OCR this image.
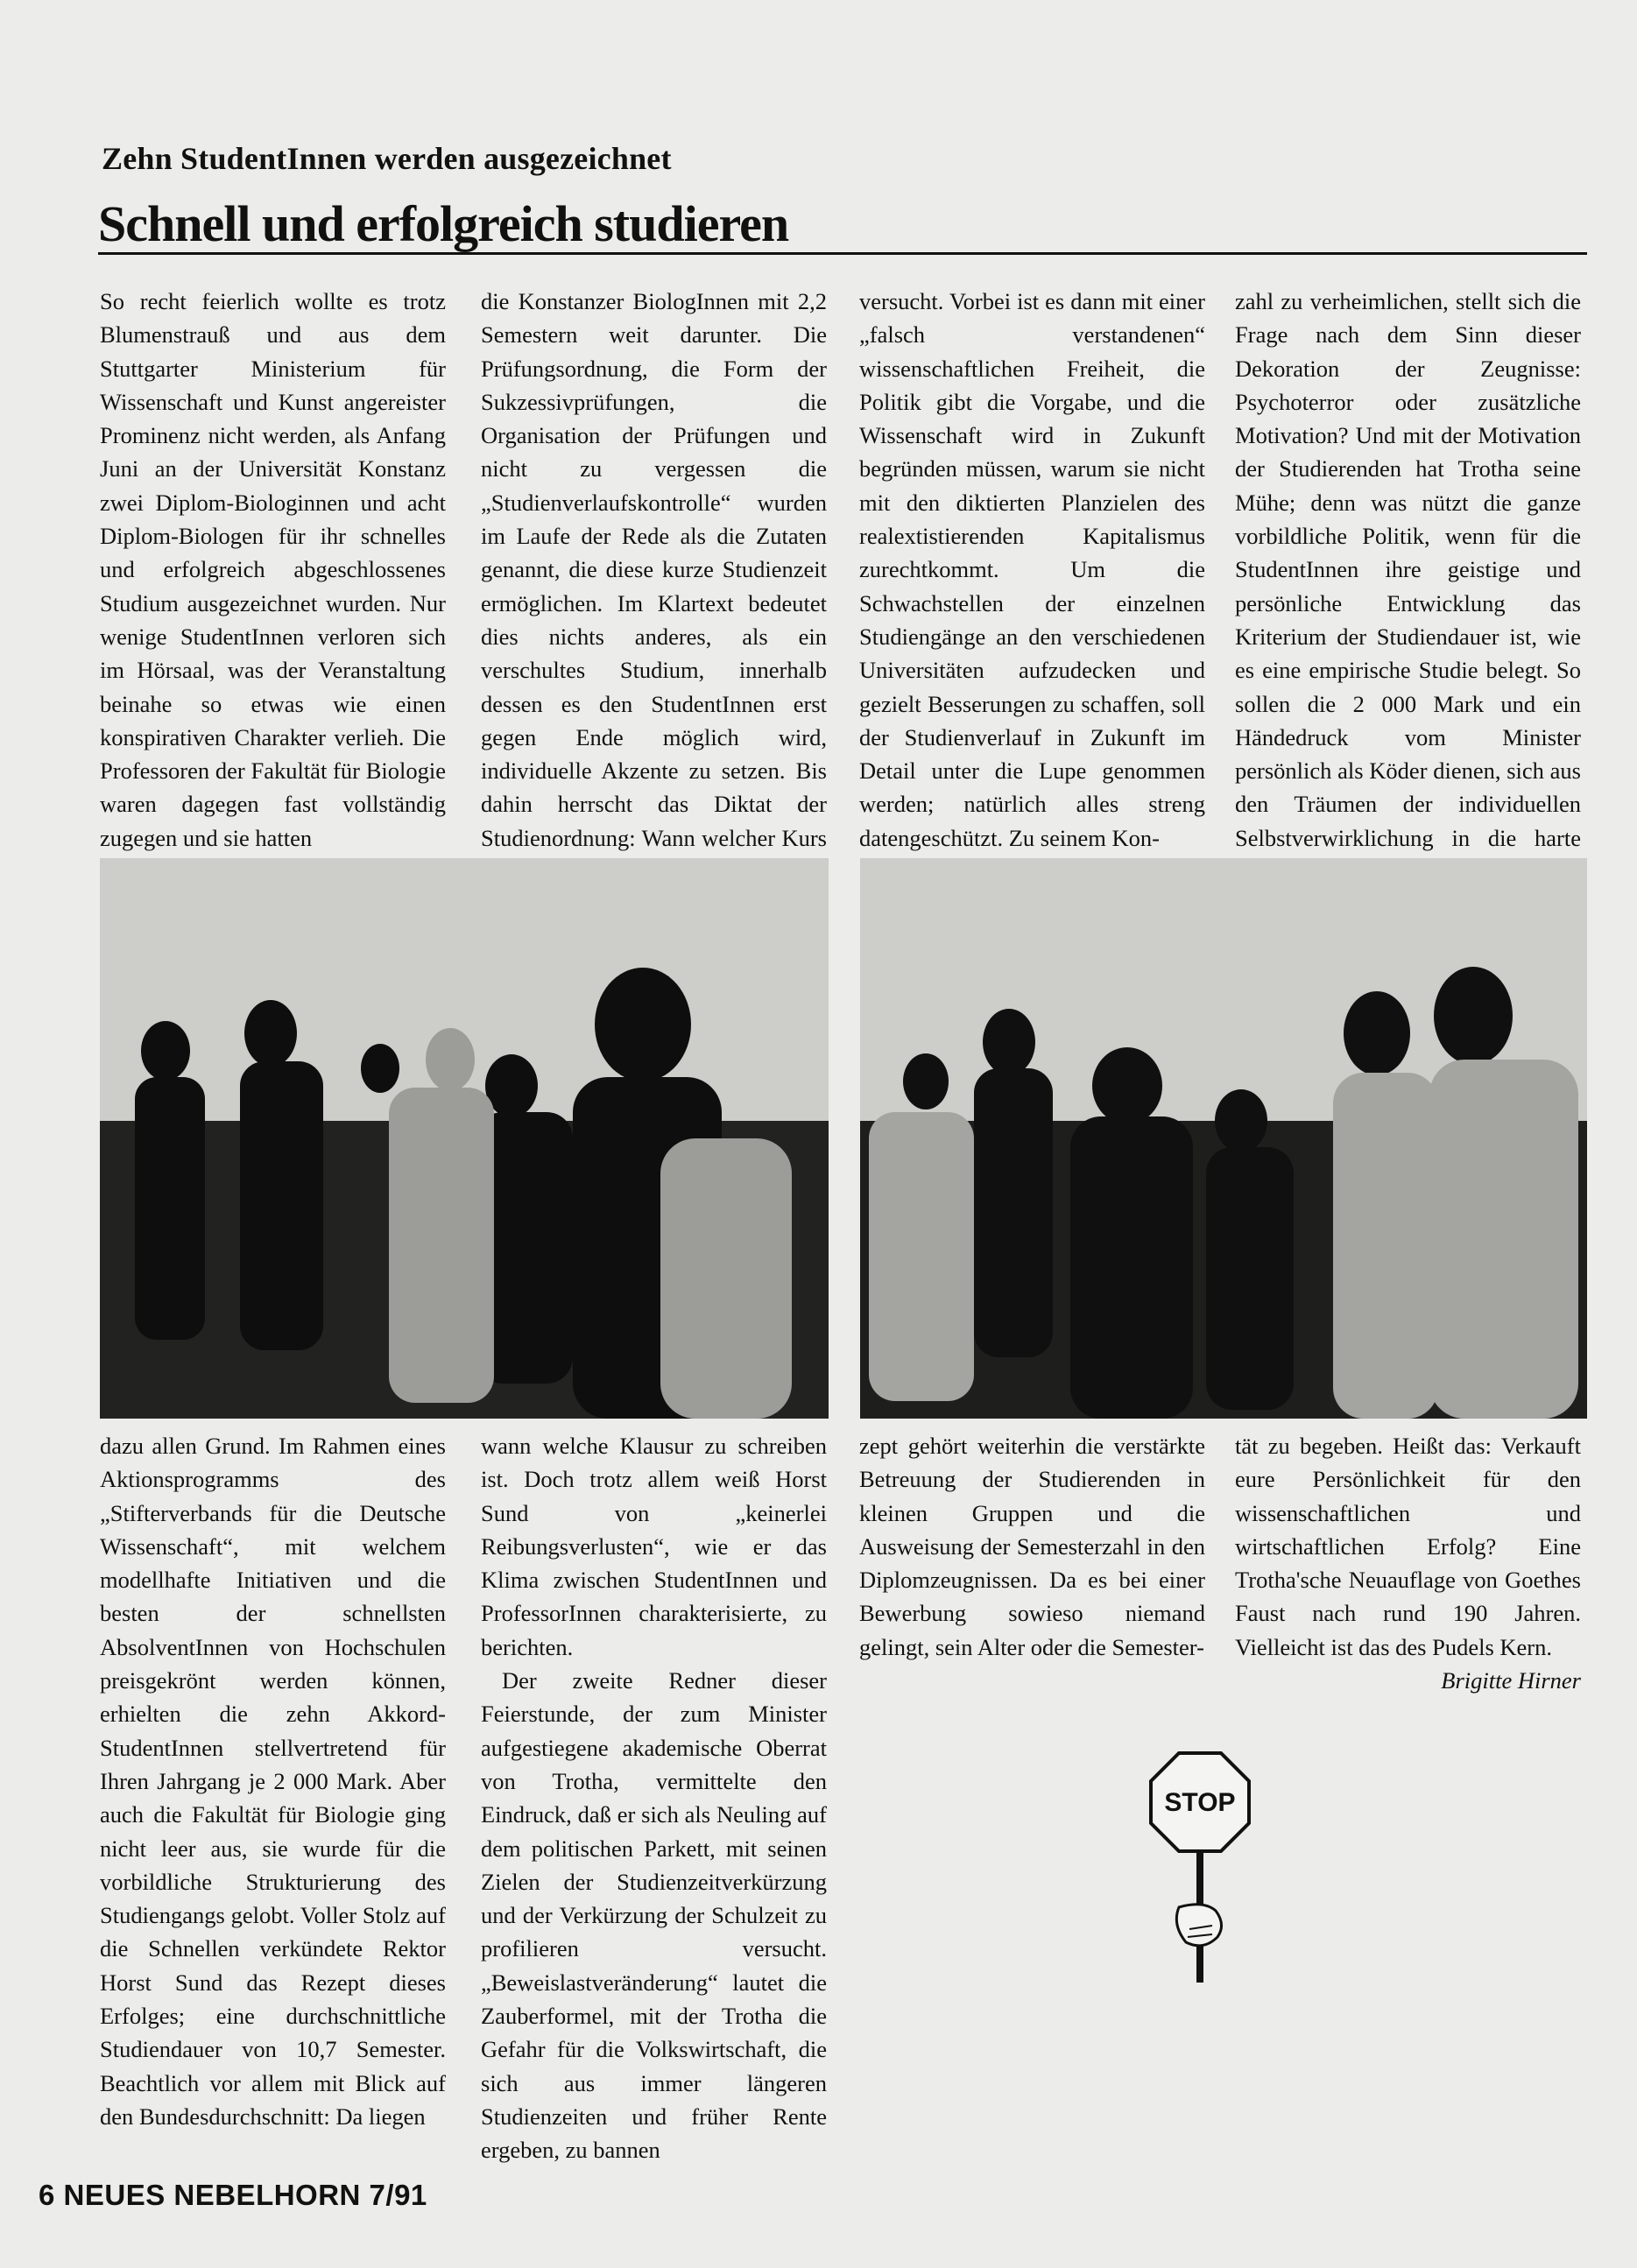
Zehn StudentInnen werden ausgezeichnet
Schnell und erfolgreich studieren

So recht feierlich wollte es trotz Blumenstrauß und aus dem Stuttgarter Ministerium für Wissenschaft und Kunst angereister Prominenz nicht werden, als Anfang Juni an der Universität Konstanz zwei Diplom-Biologinnen und acht Diplom-Biologen für ihr schnelles und erfolgreich abgeschlossenes Studium ausgezeichnet wurden. Nur wenige StudentInnen verloren sich im Hörsaal, was der Veranstaltung beinahe so etwas wie einen konspirativen Charakter verlieh. Die Professoren der Fakultät für Biologie waren dagegen fast vollständig zugegen und sie hatten

die Konstanzer BiologInnen mit 2,2 Semestern weit darunter. Die Prüfungsordnung, die Form der Sukzessivprüfungen, die Organisation der Prüfungen und nicht zu vergessen die „Studienverlaufskontrolle“ wurden im Laufe der Rede als die Zutaten genannt, die diese kurze Studienzeit ermöglichen. Im Klartext bedeutet dies nichts anderes, als ein verschultes Studium, innerhalb dessen es den StudentInnen erst gegen Ende möglich wird, individuelle Akzente zu setzen. Bis dahin herrscht das Diktat der Studienordnung: Wann welcher Kurs

versucht. Vorbei ist es dann mit einer „falsch verstandenen“ wissenschaftlichen Freiheit, die Politik gibt die Vorgabe, und die Wissenschaft wird in Zukunft begründen müssen, warum sie nicht mit den diktierten Planzielen des realextistierenden Kapitalismus zurechtkommt. Um die Schwachstellen der einzelnen Studiengänge an den verschiedenen Universitäten aufzudecken und gezielt Besserungen zu schaffen, soll der Studienverlauf in Zukunft im Detail unter die Lupe genommen werden; natürlich alles streng datengeschützt. Zu seinem Kon-

zahl zu verheimlichen, stellt sich die Frage nach dem Sinn dieser Dekoration der Zeugnisse: Psychoterror oder zusätzliche Motivation? Und mit der Motivation der Studierenden hat Trotha seine Mühe; denn was nützt die ganze vorbildliche Politik, wenn für die StudentInnen ihre geistige und persönliche Entwicklung das Kriterium der Studiendauer ist, wie es eine empirische Studie belegt. So sollen die 2 000 Mark und ein Händedruck vom Minister persönlich als Köder dienen, sich aus den Träumen der individuellen Selbstverwirklichung in die harte

dazu allen Grund. Im Rahmen eines Aktionsprogramms des „Stifterverbands für die Deutsche Wissenschaft“, mit welchem modellhafte Initiativen und die besten der schnellsten AbsolventInnen von Hochschulen preisgekrönt werden können, erhielten die zehn Akkord-StudentInnen stellvertretend für Ihren Jahrgang je 2 000 Mark. Aber auch die Fakultät für Biologie ging nicht leer aus, sie wurde für die vorbildliche Strukturierung des Studiengangs gelobt. Voller Stolz auf die Schnellen verkündete Rektor Horst Sund das Rezept dieses Erfolges; eine durchschnittliche Studiendauer von 10,7 Semester. Beachtlich vor allem mit Blick auf den Bundesdurchschnitt: Da liegen

wann welche Klausur zu schreiben ist. Doch trotz allem weiß Horst Sund von „keinerlei Reibungsverlusten“, wie er das Klima zwischen StudentInnen und ProfessorInnen charakterisierte, zu berichten.

Der zweite Redner dieser Feierstunde, der zum Minister aufgestiegene akademische Oberrat von Trotha, vermittelte den Eindruck, daß er sich als Neuling auf dem politischen Parkett, mit seinen Zielen der Studienzeitverkürzung und der Verkürzung der Schulzeit zu profilieren versucht. „Beweislastveränderung“ lautet die Zauberformel, mit der Trotha die Gefahr für die Volkswirtschaft, die sich aus immer längeren Studienzeiten und früher Rente ergeben, zu bannen

zept gehört weiterhin die verstärkte Betreuung der Studierenden in kleinen Gruppen und die Ausweisung der Semesterzahl in den Diplomzeugnissen. Da es bei einer Bewerbung sowieso niemand gelingt, sein Alter oder die Semester-

tät zu begeben. Heißt das: Verkauft eure Persönlichkeit für den wissenschaftlichen und wirtschaftlichen Erfolg? Eine Trotha'sche Neuauflage von Goethes Faust nach rund 190 Jahren. Vielleicht ist das des Pudels Kern.
Brigitte Hirner

STOP
6 NEUES NEBELHORN 7/91
